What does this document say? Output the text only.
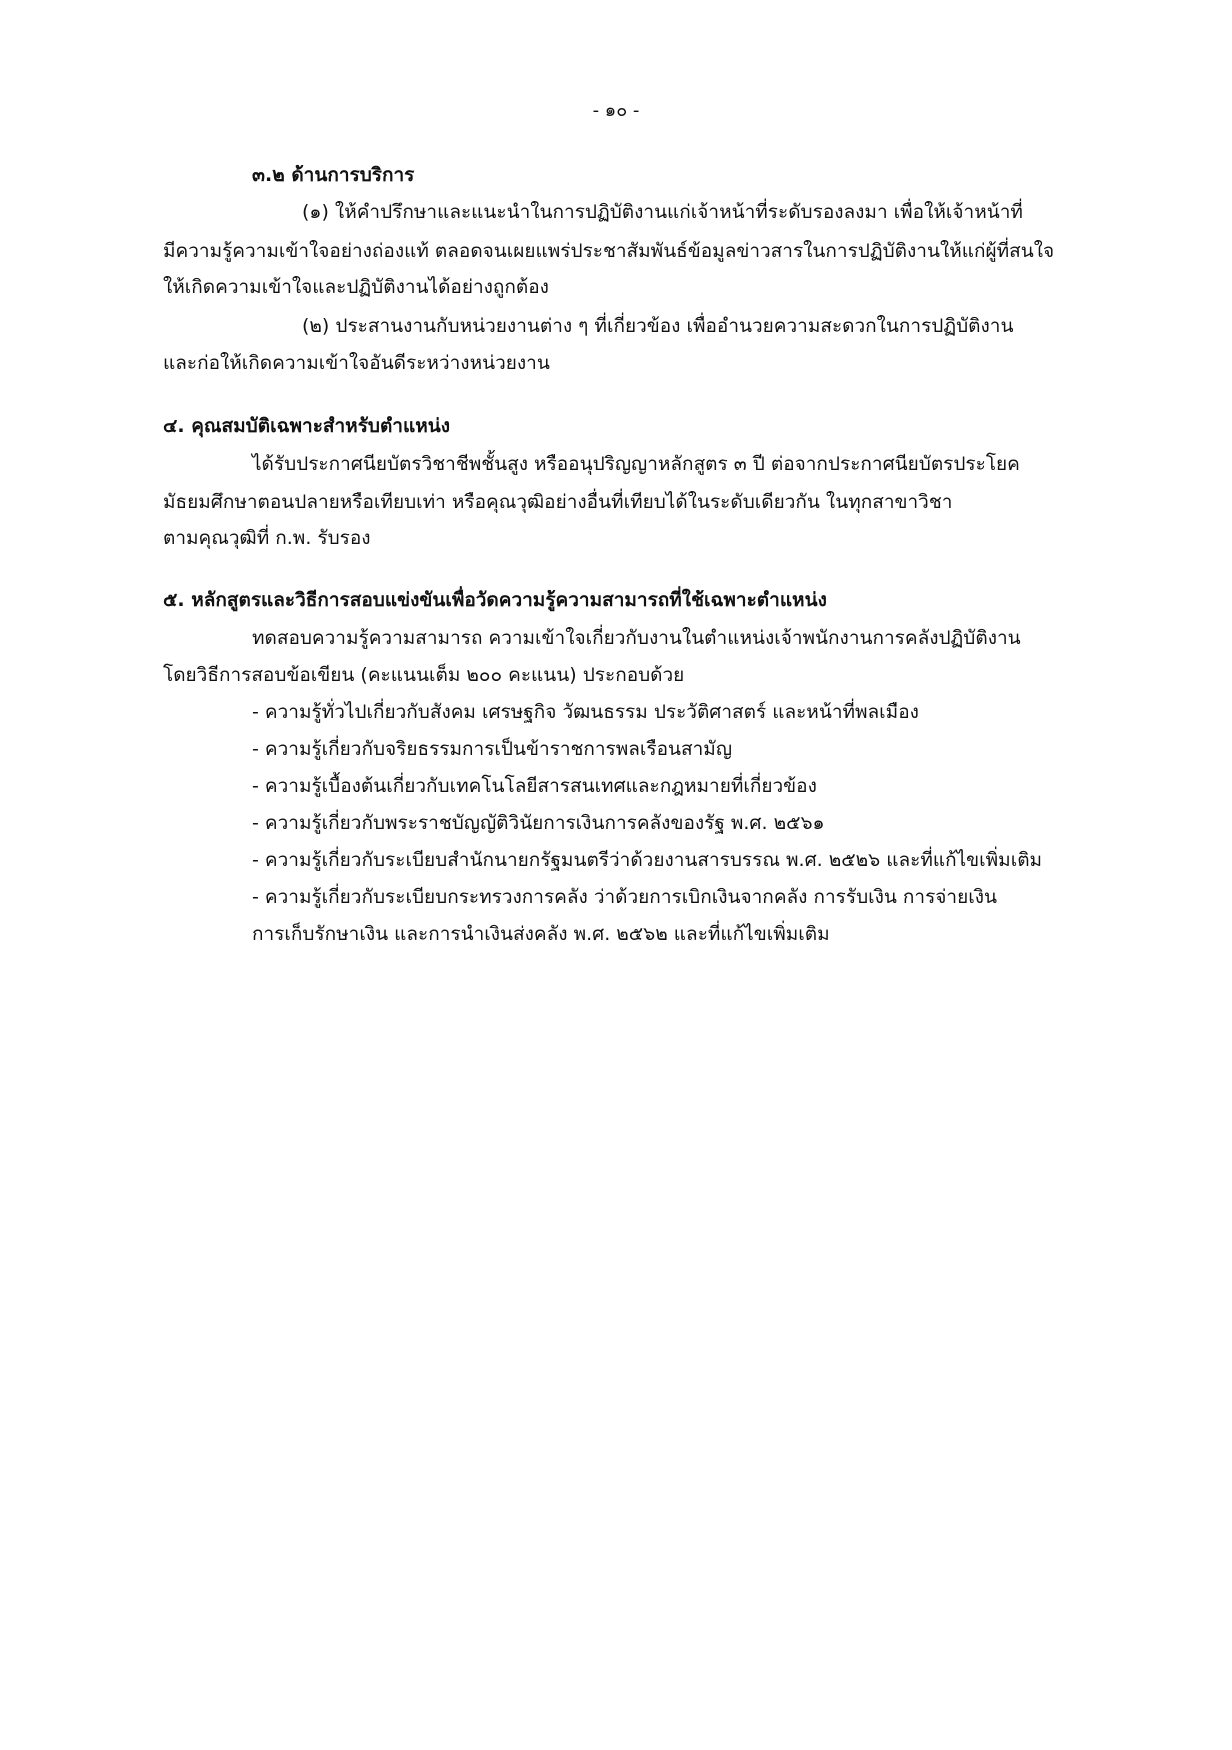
- ๑๐ -
๓.๒ ด้านการบริการ
(๑) ให้คำปรึกษาและแนะนำในการปฏิบัติงานแก่เจ้าหน้าที่ระดับรองลงมา เพื่อให้เจ้าหน้าที่
มีความรู้ความเข้าใจอย่างถ่องแท้ ตลอดจนเผยแพร่ประชาสัมพันธ์ข้อมูลข่าวสารในการปฏิบัติงานให้แก่ผู้ที่สนใจ
ให้เกิดความเข้าใจและปฏิบัติงานได้อย่างถูกต้อง
(๒) ประสานงานกับหน่วยงานต่าง ๆ ที่เกี่ยวข้อง เพื่ออำนวยความสะดวกในการปฏิบัติงาน
และก่อให้เกิดความเข้าใจอันดีระหว่างหน่วยงาน
๔. คุณสมบัติเฉพาะสำหรับตำแหน่ง
ได้รับประกาศนียบัตรวิชาชีพชั้นสูง หรืออนุปริญญาหลักสูตร ๓ ปี ต่อจากประกาศนียบัตรประโยค
มัธยมศึกษาตอนปลายหรือเทียบเท่า หรือคุณวุฒิอย่างอื่นที่เทียบได้ในระดับเดียวกัน ในทุกสาขาวิชา
ตามคุณวุฒิที่ ก.พ. รับรอง
๕. หลักสูตรและวิธีการสอบแข่งขันเพื่อวัดความรู้ความสามารถที่ใช้เฉพาะตำแหน่ง
ทดสอบความรู้ความสามารถ ความเข้าใจเกี่ยวกับงานในตำแหน่งเจ้าพนักงานการคลังปฏิบัติงาน
โดยวิธีการสอบข้อเขียน (คะแนนเต็ม ๒๐๐ คะแนน) ประกอบด้วย
- ความรู้ทั่วไปเกี่ยวกับสังคม เศรษฐกิจ วัฒนธรรม ประวัติศาสตร์ และหน้าที่พลเมือง
- ความรู้เกี่ยวกับจริยธรรมการเป็นข้าราชการพลเรือนสามัญ
- ความรู้เบื้องต้นเกี่ยวกับเทคโนโลยีสารสนเทศและกฎหมายที่เกี่ยวข้อง
- ความรู้เกี่ยวกับพระราชบัญญัติวินัยการเงินการคลังของรัฐ พ.ศ. ๒๕๖๑
- ความรู้เกี่ยวกับระเบียบสำนักนายกรัฐมนตรีว่าด้วยงานสารบรรณ พ.ศ. ๒๕๒๖ และที่แก้ไขเพิ่มเติม
- ความรู้เกี่ยวกับระเบียบกระทรวงการคลัง ว่าด้วยการเบิกเงินจากคลัง การรับเงิน การจ่ายเงิน
การเก็บรักษาเงิน และการนำเงินส่งคลัง พ.ศ. ๒๕๖๒ และที่แก้ไขเพิ่มเติม
